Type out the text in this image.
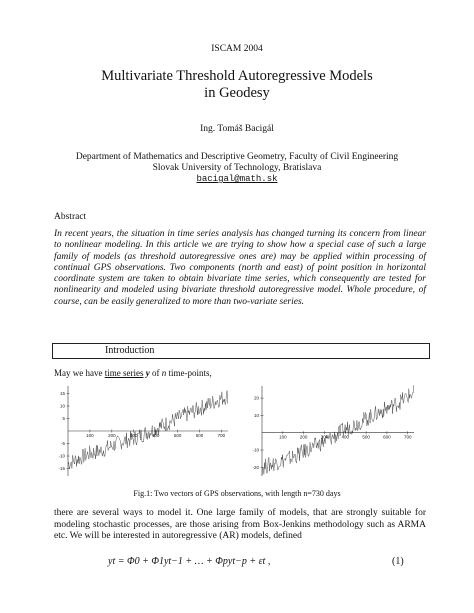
ISCAM 2004
Multivariate Threshold Autoregressive Models
in Geodesy
Ing. Tomáš Bacigál
Department of Mathematics and Descriptive Geometry, Faculty of Civil Engineering
Slovak University of Technology, Bratislava
bacigal@math.sk
Abstract
In recent years, the situation in time series analysis has changed turning its concern from linear to nonlinear modeling. In this article we are trying to show how a special case of such a large family of models (as threshold autoregressive ones are) may be applied within processing of continual GPS observations. Two components (north and east) of point position in horizontal coordinate system are taken to obtain bivariate time series, which consequently are tested for nonlinearity and modeled using bivariate threshold autoregressive model. Whole procedure, of course, can be easily generalized to more than two-variate series.
Introduction
May we have time series y of n time-points,
100	200	300	400	500	600	700
-15
-10
-5
5
10
15
100	200	300	400	500	600	700
-20
-10
10
20
there are several ways to model it. One large family of models, that are strongly suitable for modeling stochastic processes, are those arising from Box-Jenkins methodology such as ARMA etc. We will be interested in autoregressive (AR) models, defined
yt = Φ0 + Φ1yt−1 + … + Φpyt−p + εt ,	(1)
Fig.1: Two vectors of GPS observations, with length n=730 days
